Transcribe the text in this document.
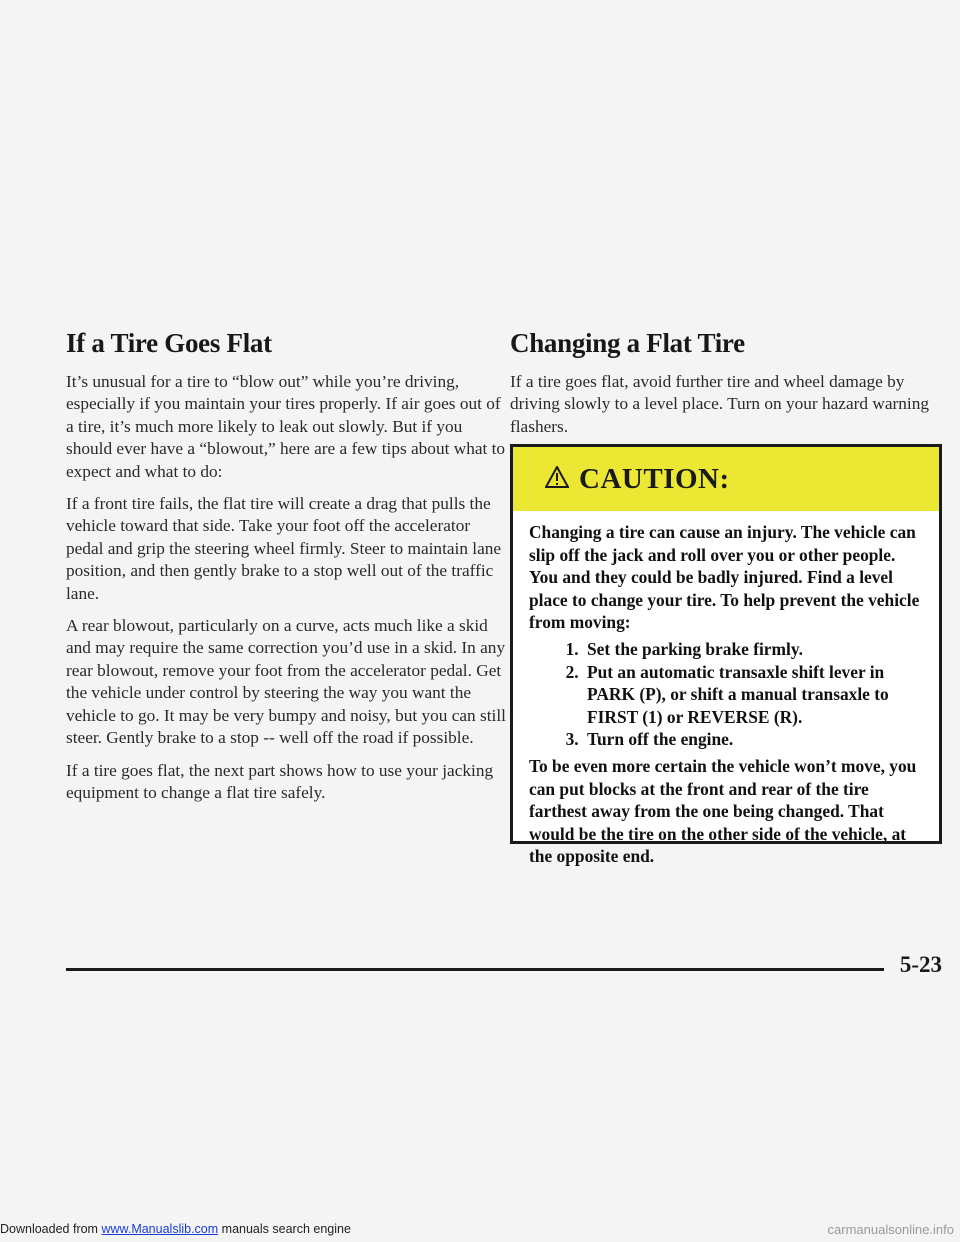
If a Tire Goes Flat

It’s unusual for a tire to “blow out” while you’re driving, especially if you maintain your tires properly. If air goes out of a tire, it’s much more likely to leak out slowly. But if you should ever have a “blowout,” here are a few tips about what to expect and what to do:

If a front tire fails, the flat tire will create a drag that pulls the vehicle toward that side. Take your foot off the accelerator pedal and grip the steering wheel firmly. Steer to maintain lane position, and then gently brake to a stop well out of the traffic lane.

A rear blowout, particularly on a curve, acts much like a skid and may require the same correction you’d use in a skid. In any rear blowout, remove your foot from the accelerator pedal. Get the vehicle under control by steering the way you want the vehicle to go. It may be very bumpy and noisy, but you can still steer. Gently brake to a stop -- well off the road if possible.

If a tire goes flat, the next part shows how to use your jacking equipment to change a flat tire safely.

Changing a Flat Tire

If a tire goes flat, avoid further tire and wheel damage by driving slowly to a level place. Turn on your hazard warning flashers.

CAUTION:

Changing a tire can cause an injury. The vehicle can slip off the jack and roll over you or other people. You and they could be badly injured. Find a level place to change your tire. To help prevent the vehicle from moving:

1. Set the parking brake firmly.
2. Put an automatic transaxle shift lever in PARK (P), or shift a manual transaxle to FIRST (1) or REVERSE (R).
3. Turn off the engine.

To be even more certain the vehicle won’t move, you can put blocks at the front and rear of the tire farthest away from the one being changed. That would be the tire on the other side of the vehicle, at the opposite end.

5-23
Downloaded from www.Manualslib.com manuals search engine	carmanualsonline.info
